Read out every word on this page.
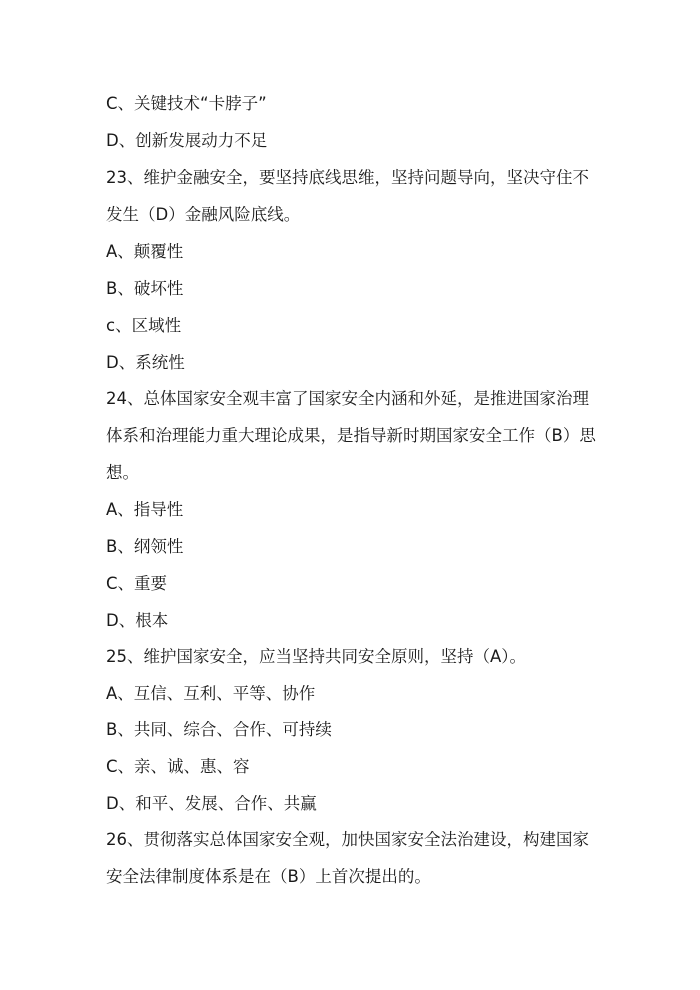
C、关键技术“卡脖子”
D、创新发展动力不足
23、维护金融安全，要坚持底线思维，坚持问题导向，坚决守住不
发生（D）金融风险底线。
A、颠覆性
B、破坏性
c、区域性
D、系统性
24、总体国家安全观丰富了国家安全内涵和外延，是推进国家治理
体系和治理能力重大理论成果，是指导新时期国家安全工作（B）思
想。
A、指导性
B、纲领性
C、重要
D、根本
25、维护国家安全，应当坚持共同安全原则，坚持（A）。
A、互信、互利、平等、协作
B、共同、综合、合作、可持续
C、亲、诚、惠、容
D、和平、发展、合作、共赢
26、贯彻落实总体国家安全观，加快国家安全法治建设，构建国家
安全法律制度体系是在（B）上首次提出的。
